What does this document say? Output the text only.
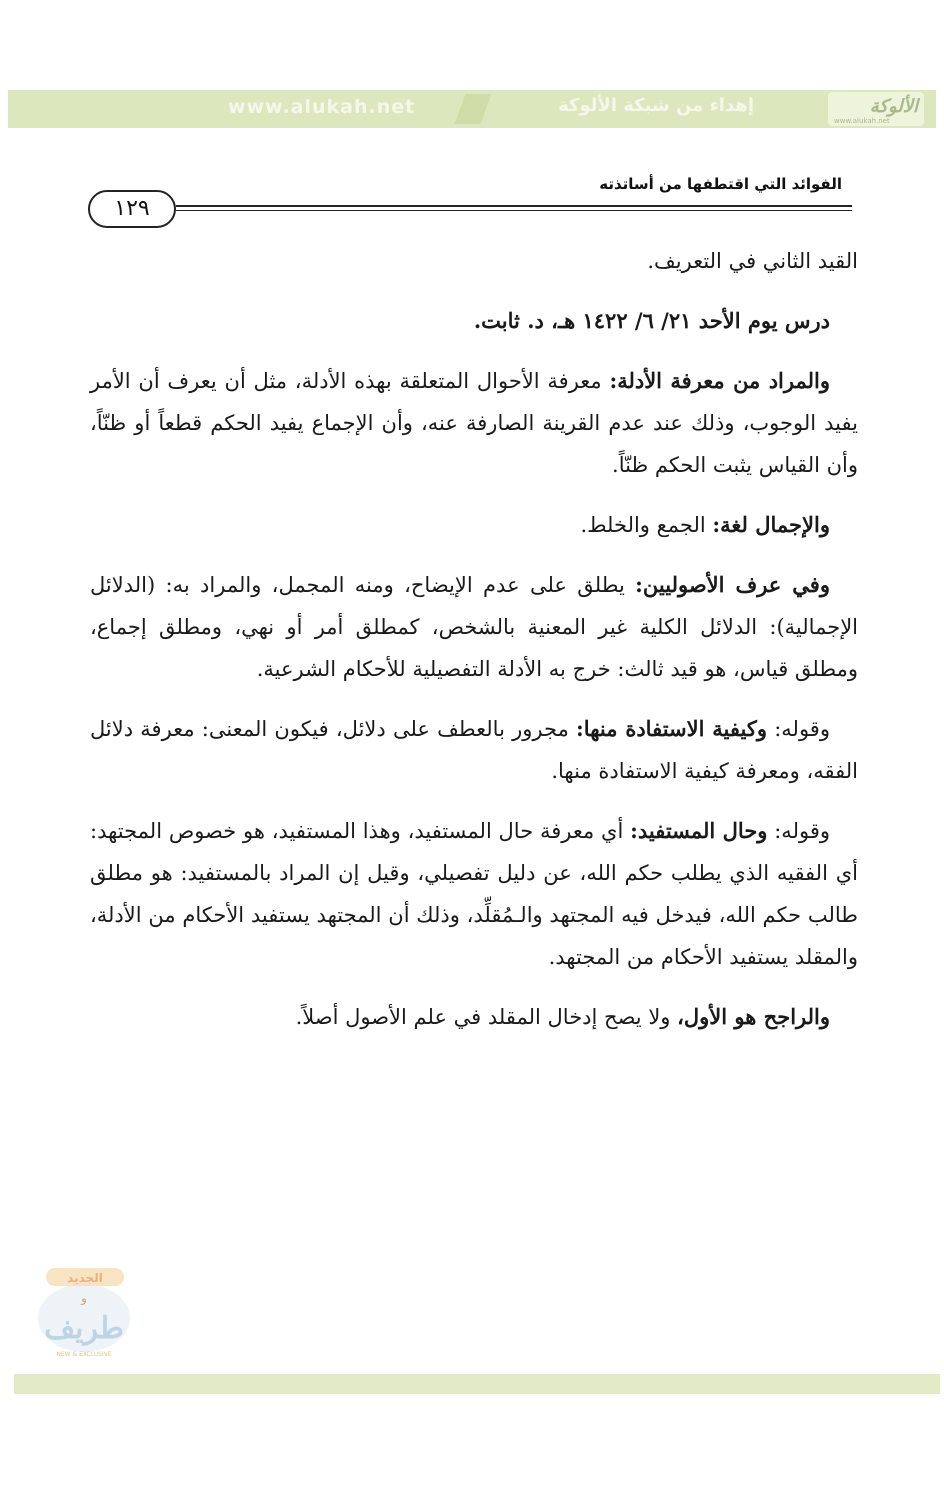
www.alukah.net	إهداء من شبكة الألوكة	الألوكة
www.alukah.net
الفوائد التي اقتطفها من أساتذته
١٢٩

القيد الثاني في التعريف.

درس يوم الأحد ٢١/ ٦/ ١٤٢٢ هـ، د. ثابت.

والمراد من معرفة الأدلة: معرفة الأحوال المتعلقة بهذه الأدلة، مثل أن يعرف أن الأمر يفيد الوجوب، وذلك عند عدم القرينة الصارفة عنه، وأن الإجماع يفيد الحكم قطعاً أو ظنّاً، وأن القياس يثبت الحكم ظنّاً.

والإجمال لغة: الجمع والخلط.

وفي عرف الأصوليين: يطلق على عدم الإيضاح، ومنه المجمل، والمراد به: (الدلائل الإجمالية): الدلائل الكلية غير المعنية بالشخص، كمطلق أمر أو نهي، ومطلق إجماع، ومطلق قياس، هو قيد ثالث: خرج به الأدلة التفصيلية للأحكام الشرعية.

وقوله: وكيفية الاستفادة منها: مجرور بالعطف على دلائل، فيكون المعنى: معرفة دلائل الفقه، ومعرفة كيفية الاستفادة منها.

وقوله: وحال المستفيد: أي معرفة حال المستفيد، وهذا المستفيد، هو خصوص المجتهد: أي الفقيه الذي يطلب حكم الله، عن دليل تفصيلي، وقيل إن المراد بالمستفيد: هو مطلق طالب حكم الله، فيدخل فيه المجتهد والـمُقلِّد، وذلك أن المجتهد يستفيد الأحكام من الأدلة، والمقلد يستفيد الأحكام من المجتهد.

والراجح هو الأول، ولا يصح إدخال المقلد في علم الأصول أصلاً.

الجديد
و
طريف
NEW & EXCLUSIVE
